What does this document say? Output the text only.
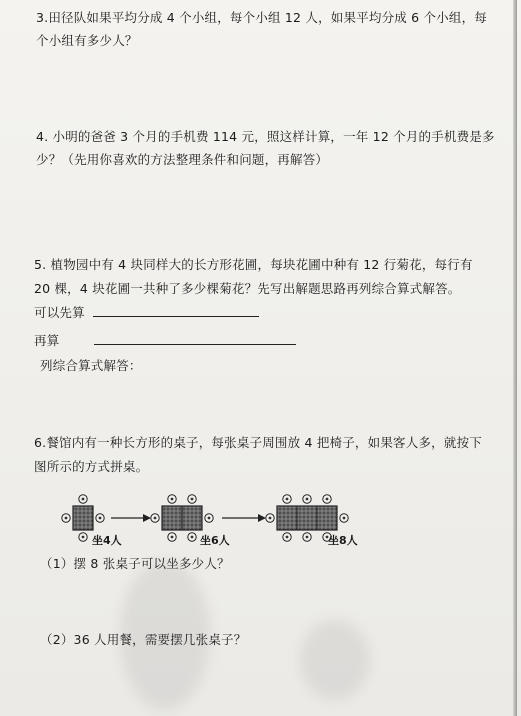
3.田径队如果平均分成 4 个小组，每个小组 12 人，如果平均分成 6 个小组，每
个小组有多少人？
4. 小明的爸爸 3 个月的手机费 114 元，照这样计算，一年 12 个月的手机费是多
少？（先用你喜欢的方法整理条件和问题，再解答）
5. 植物园中有 4 块同样大的长方形花圃，每块花圃中种有 12 行菊花，每行有
20 棵，4 块花圃一共种了多少棵菊花？先写出解题思路再列综合算式解答。
可以先算
再算
列综合算式解答：
6.餐馆内有一种长方形的桌子，每张桌子周围放 4 把椅子，如果客人多，就按下
图所示的方式拼桌。
坐4人	坐6人	坐8人
（1）摆 8 张桌子可以坐多少人？
（2）36 人用餐，需要摆几张桌子？
